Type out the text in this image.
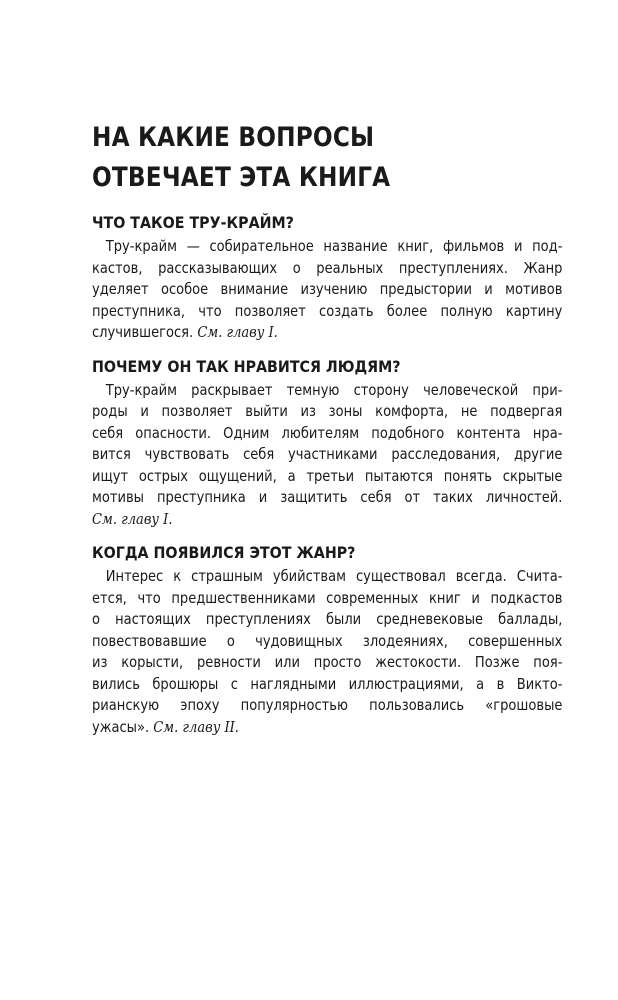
НА КАКИЕ ВОПРОСЫ
ОТВЕЧАЕТ ЭТА КНИГА
ЧТО ТАКОЕ ТРУ-КРАЙМ?
Тру-крайм — собирательное название книг, фильмов и под-
кастов, рассказывающих о реальных преступлениях. Жанр
уделяет особое внимание изучению предыстории и мотивов
преступника, что позволяет создать более полную картину
случившегося. См. главу I.
ПОЧЕМУ ОН ТАК НРАВИТСЯ ЛЮДЯМ?
Тру-крайм раскрывает темную сторону человеческой при-
роды и позволяет выйти из зоны комфорта, не подвергая
себя опасности. Одним любителям подобного контента нра-
вится чувствовать себя участниками расследования, другие
ищут острых ощущений, а третьи пытаются понять скрытые
мотивы преступника и защитить себя от таких личностей.
См. главу I.
КОГДА ПОЯВИЛСЯ ЭТОТ ЖАНР?
Интерес к страшным убийствам существовал всегда. Счита-
ется, что предшественниками современных книг и подкастов
о настоящих преступлениях были средневековые баллады,
повествовавшие о чудовищных злодеяниях, совершенных
из корысти, ревности или просто жестокости. Позже поя-
вились брошюры с наглядными иллюстрациями, а в Викто-
рианскую эпоху популярностью пользовались «грошовые
ужасы». См. главу II.
